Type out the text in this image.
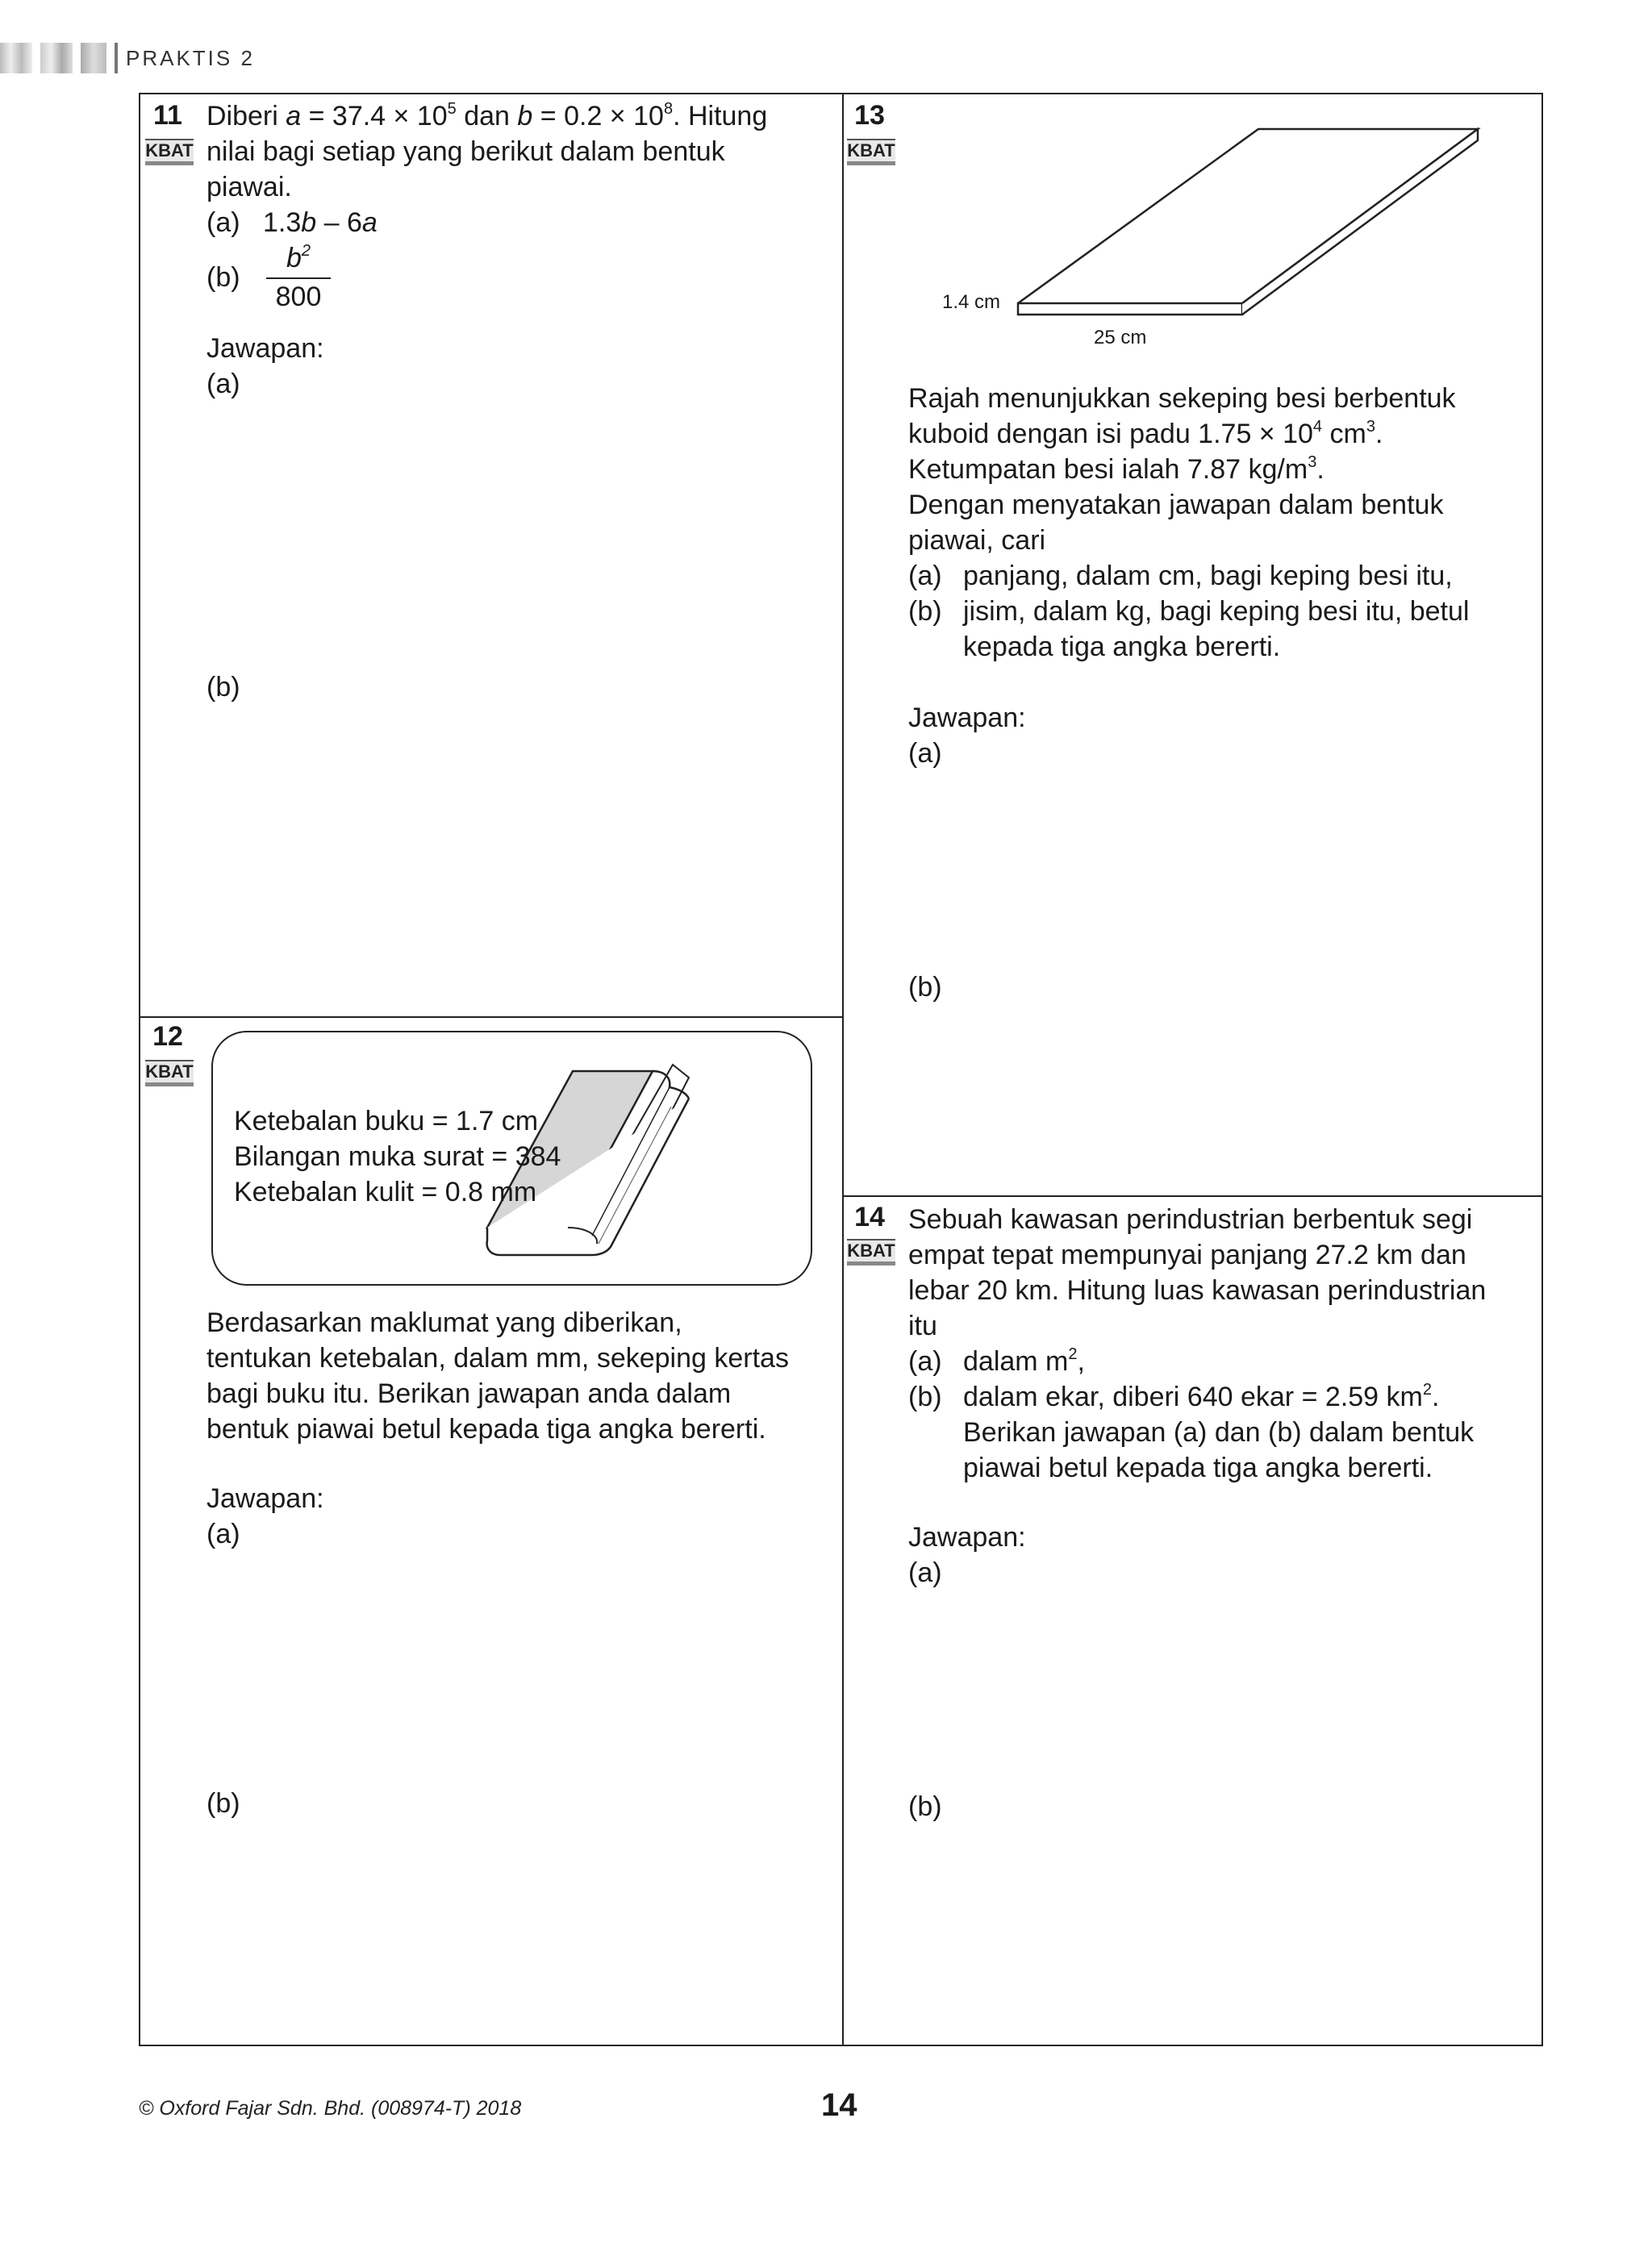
PRAKTIS 2
11
KBAT
Diberi $a = 37.4 \times 10^5$ dan $b = 0.2 \times 10^8$. Hitung
nilai bagi setiap yang berikut dalam bentuk
piawai.
(a) 1.3b – 6a
(b)
$b^2$
800
Jawapan:
(a)
(b)
12
KBAT
Ketebalan buku = 1.7 cm
Bilangan muka surat = 384
Ketebalan kulit = 0.8 mm
Berdasarkan maklumat yang diberikan,
tentukan ketebalan, dalam mm, sekeping kertas
bagi buku itu. Berikan jawapan anda dalam
bentuk piawai betul kepada tiga angka bererti.
Jawapan:
(a)
(b)
13
KBAT
1.4 cm
25 cm
Rajah menunjukkan sekeping besi berbentuk
kuboid dengan isi padu $1.75 \times 10^4$ $cm^3$.
Ketumpatan besi ialah 7.87 $kg/m^3$.
Dengan menyatakan jawapan dalam bentuk
piawai, cari
(a) panjang, dalam cm, bagi keping besi itu,
(b) jisim, dalam kg, bagi keping besi itu, betul
kepada tiga angka bererti.
Jawapan:
(a)
(b)
14
KBAT
Sebuah kawasan perindustrian berbentuk segi
empat tepat mempunyai panjang 27.2 km dan
lebar 20 km. Hitung luas kawasan perindustrian
itu
(a) dalam $m^2$,
(b) dalam ekar, diberi 640 ekar = 2.59 $km^2$.
Berikan jawapan (a) dan (b) dalam bentuk
piawai betul kepada tiga angka bererti.
Jawapan:
(a)
(b)
© Oxford Fajar Sdn. Bhd. (008974-T) 2018	14
